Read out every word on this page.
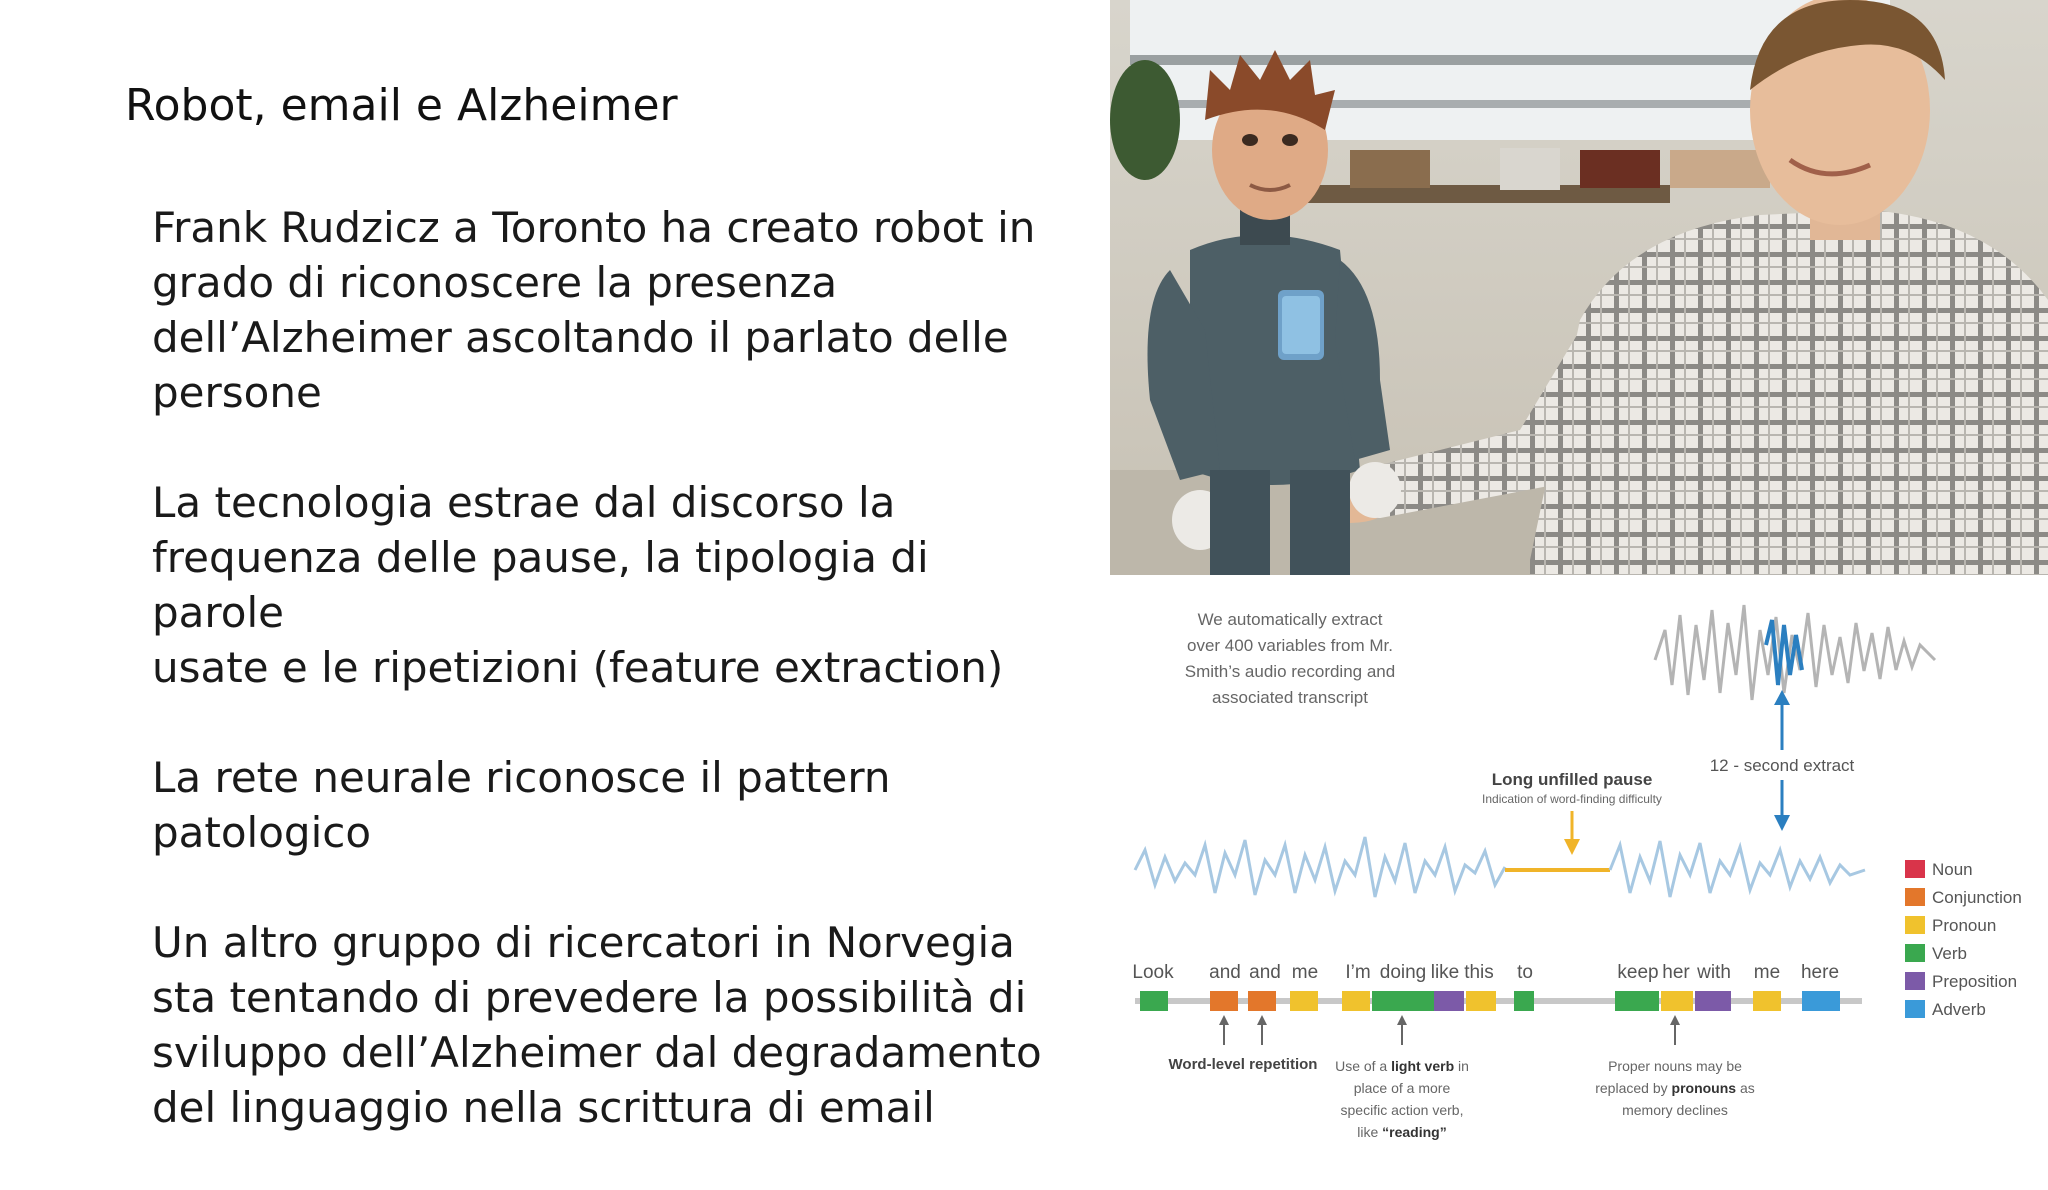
Robot, email e Alzheimer

Frank Rudzicz a Toronto ha creato robot in
grado di riconoscere la presenza
dell’Alzheimer ascoltando il parlato delle
persone

La tecnologia estrae dal discorso la
frequenza delle pause, la tipologia di parole
usate e le ripetizioni (feature extraction)

La rete neurale riconosce il pattern
patologico

Un altro gruppo di ricercatori in Norvegia
sta tentando di prevedere la possibilità di
sviluppo dell’Alzheimer dal degradamento
del linguaggio nella scrittura di email

We automatically extract
over 400 variables from Mr.
Smith’s audio recording and
associated transcript
12 - second extract
Long unfilled pause
Indication of word-finding difficulty
Look and and me I’m doing like this to	keep her with me here
Word-level repetition Use of a light verb in
place of a more
specific action verb,
like “reading”
Proper nouns may be
replaced by pronouns as
memory declines
Noun
Conjunction
Pronoun
Verb
Preposition
Adverb
